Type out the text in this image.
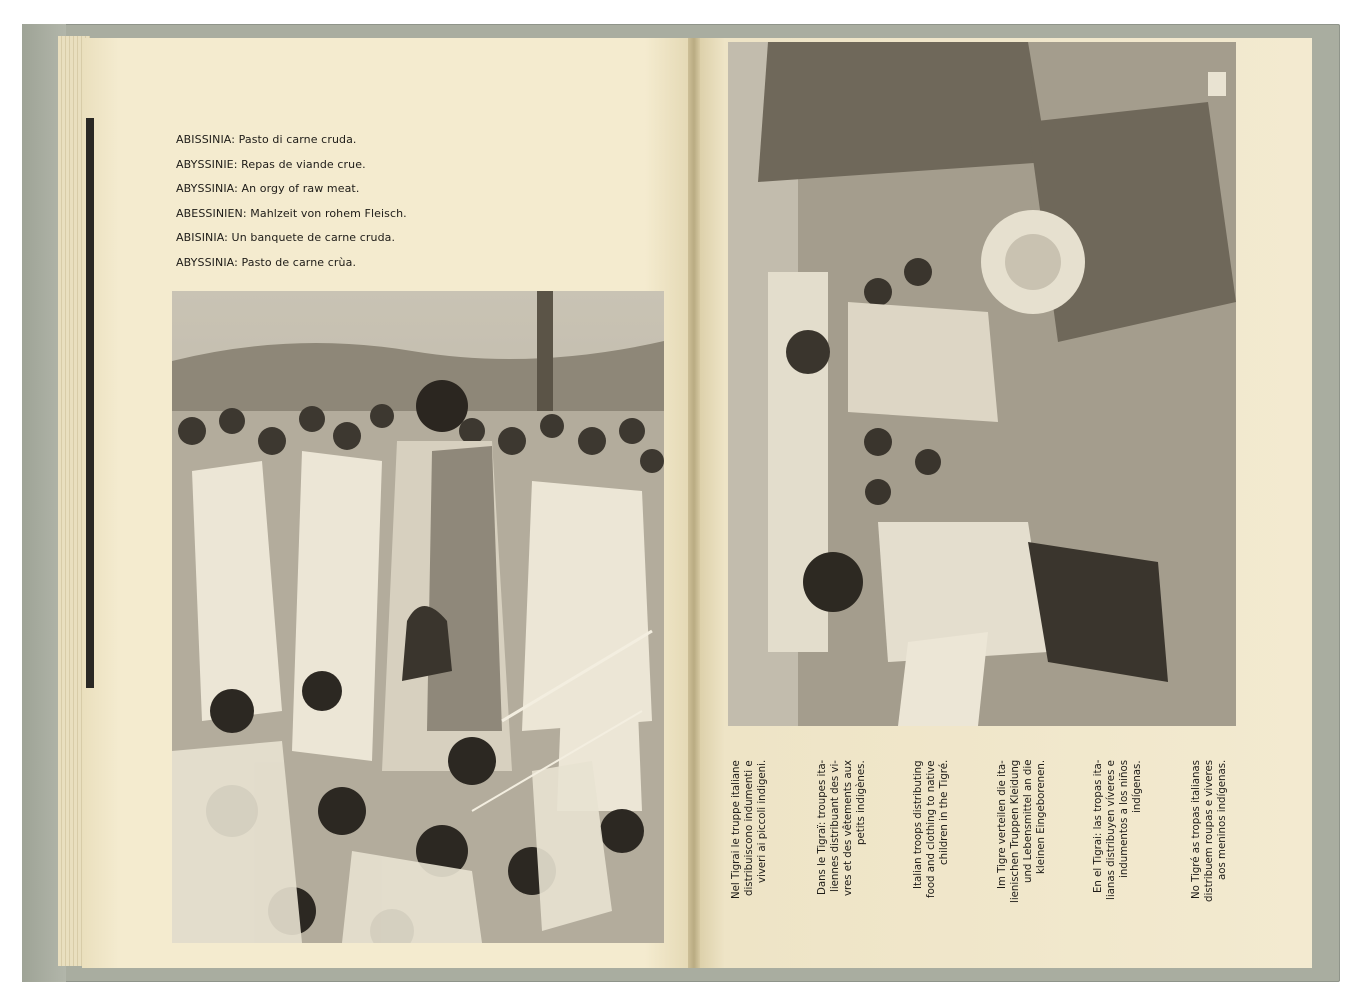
ABISSINIA: Pasto di carne cruda.
ABYSSINIE: Repas de viande crue.
ABYSSINIA: An orgy of raw meat.
ABESSINIEN: Mahlzeit von rohem Fleisch.
ABISINIA: Un banquete de carne cruda.
ABYSSINIA: Pasto de carne crùa.
Nel Tigrai le truppe italiane distribuiscono indumenti e viveri ai piccoli indigeni.	Dans le Tigraï: troupes ita- liennes distribuant des vi- vres et des vêtements aux petits indigènes.	Italian troops distributing food and clothing to native children in the Tigré.	Im Tigre verteilen die ita- lienischen Truppen Kleidung und Lebensmittel an die kleinen Eingeborenen.	En el Tigrai: las tropas ita- lianas distribuyen víveres e indumentos a los niños indígenas.	No Tigré as tropas italianas distribuem roupas e viveres aos meninos indígenas.
